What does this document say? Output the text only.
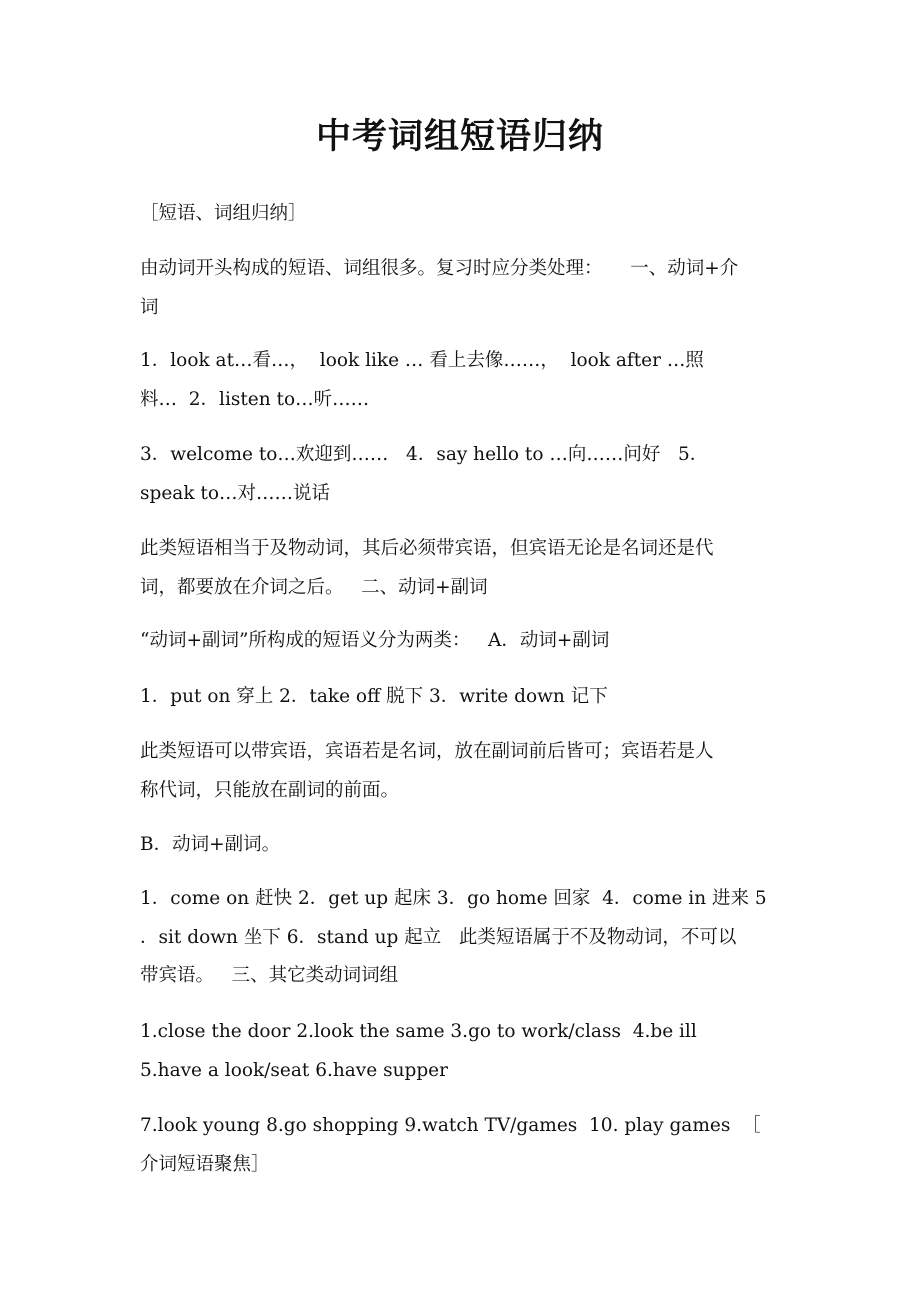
中考词组短语归纳
［短语、词组归纳］
由动词开头构成的短语、词组很多。复习时应分类处理：　　一、动词+介
词
1．look at…看…，  look like … 看上去像……，  look after …照
料…  2．listen to…听……
3．welcome to…欢迎到……   4．say hello to …向……问好   5．
speak to…对……说话
此类短语相当于及物动词，其后必须带宾语，但宾语无论是名词还是代
词，都要放在介词之后。   二、动词+副词
“动词+副词”所构成的短语义分为两类：   A．动词+副词
1．put on 穿上 2．take off 脱下 3．write down 记下
此类短语可以带宾语，宾语若是名词，放在副词前后皆可；宾语若是人
称代词，只能放在副词的前面。
B．动词+副词。
1．come on 赶快 2．get up 起床 3．go home 回家  4．come in 进来 5
．sit down 坐下 6．stand up 起立   此类短语属于不及物动词，不可以
带宾语。   三、其它类动词词组
1.close the door 2.look the same 3.go to work/class  4.be ill
5.have a look/seat 6.have supper
7.look young 8.go shopping 9.watch TV/games  10. play games  ［
介词短语聚焦］
